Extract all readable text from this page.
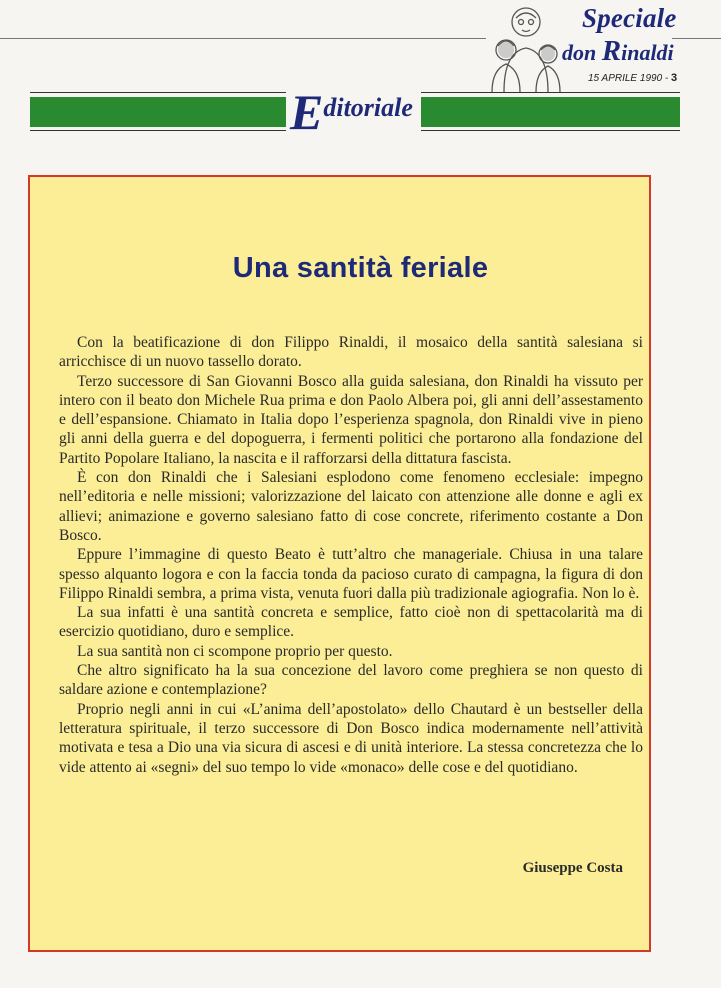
Speciale
don Rinaldi
15 APRILE 1990 - 3
Editoriale
Una santità feriale

Con la beatificazione di don Filippo Rinaldi, il mosaico della santità salesiana si arricchisce di un nuovo tassello dorato.

Terzo successore di San Giovanni Bosco alla guida salesiana, don Rinaldi ha vissuto per intero con il beato don Michele Rua prima e don Paolo Albera poi, gli anni dell’assestamento e dell’espansione. Chiamato in Italia dopo l’esperienza spagnola, don Rinaldi vive in pieno gli anni della guerra e del dopoguerra, i fermenti politici che portarono alla fondazione del Partito Popolare Italiano, la nascita e il rafforzarsi della dittatura fascista.

È con don Rinaldi che i Salesiani esplodono come fenomeno ecclesiale: impegno nell’editoria e nelle missioni; valorizzazione del laicato con attenzione alle donne e agli ex allievi; animazione e governo salesiano fatto di cose concrete, riferimento costante a Don Bosco.

Eppure l’immagine di questo Beato è tutt’altro che manageriale. Chiusa in una talare spesso alquanto logora e con la faccia tonda da pacioso curato di campagna, la figura di don Filippo Rinaldi sembra, a prima vista, venuta fuori dalla più tradizionale agiografia. Non lo è.

La sua infatti è una santità concreta e semplice, fatto cioè non di spettacolarità ma di esercizio quotidiano, duro e semplice.

La sua santità non ci scompone proprio per questo.

Che altro significato ha la sua concezione del lavoro come preghiera se non questo di saldare azione e contemplazione?

Proprio negli anni in cui «L’anima dell’apostolato» dello Chautard è un bestseller della letteratura spirituale, il terzo successore di Don Bosco indica modernamente nell’attività motivata e tesa a Dio una via sicura di ascesi e di unità interiore. La stessa concretezza che lo vide attento ai «segni» del suo tempo lo vide «monaco» delle cose e del quotidiano.

Giuseppe Costa
